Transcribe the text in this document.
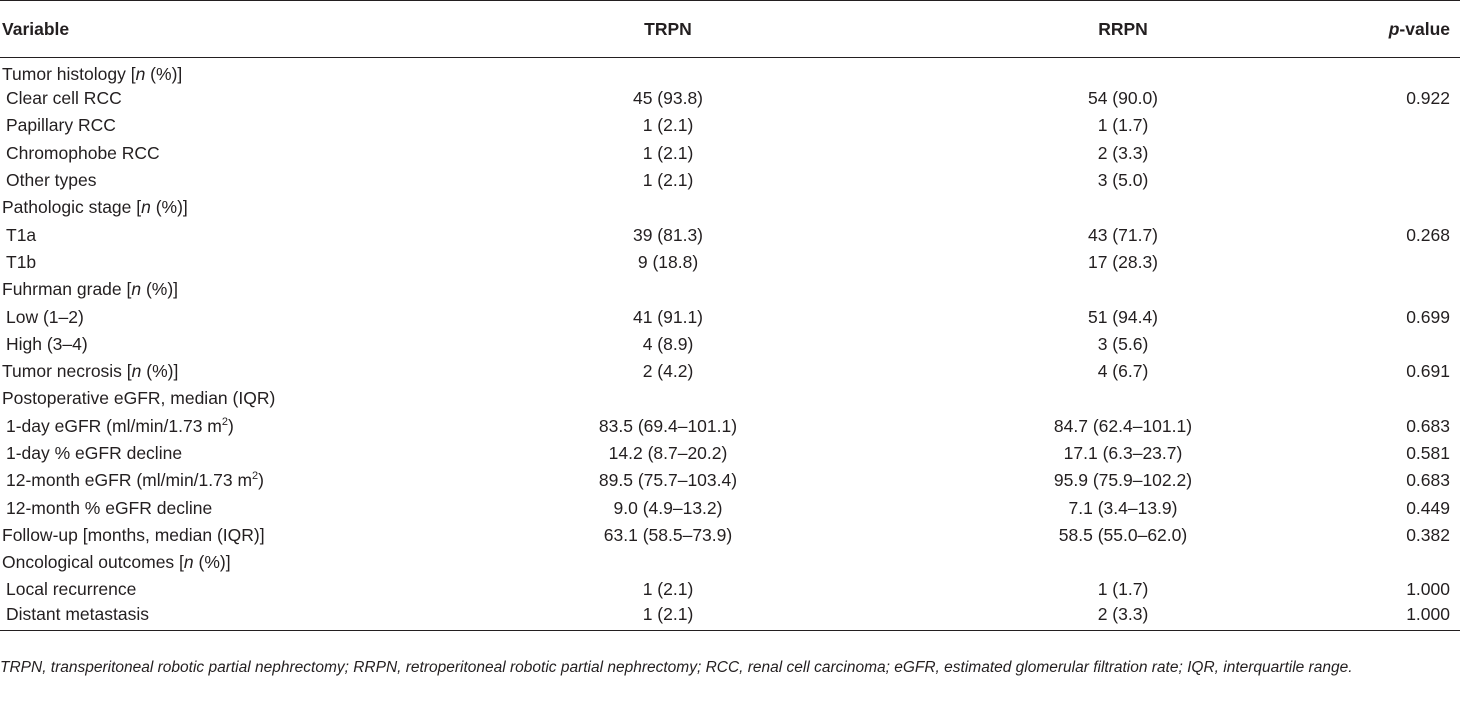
Variable	TRPN	RRPN	p-value
Tumor histology [n (%)]			
Clear cell RCC	45 (93.8)	54 (90.0)	0.922
Papillary RCC	1 (2.1)	1 (1.7)	
Chromophobe RCC	1 (2.1)	2 (3.3)	
Other types	1 (2.1)	3 (5.0)	
Pathologic stage [n (%)]			
T1a	39 (81.3)	43 (71.7)	0.268
T1b	9 (18.8)	17 (28.3)	
Fuhrman grade [n (%)]			
Low (1–2)	41 (91.1)	51 (94.4)	0.699
High (3–4)	4 (8.9)	3 (5.6)	
Tumor necrosis [n (%)]	2 (4.2)	4 (6.7)	0.691
Postoperative eGFR, median (IQR)			
1-day eGFR (ml/min/1.73 $m^2$)	83.5 (69.4–101.1)	84.7 (62.4–101.1)	0.683
1-day % eGFR decline	14.2 (8.7–20.2)	17.1 (6.3–23.7)	0.581
12-month eGFR (ml/min/1.73 $m^2$)	89.5 (75.7–103.4)	95.9 (75.9–102.2)	0.683
12-month % eGFR decline	9.0 (4.9–13.2)	7.1 (3.4–13.9)	0.449
Follow-up [months, median (IQR)]	63.1 (58.5–73.9)	58.5 (55.0–62.0)	0.382
Oncological outcomes [n (%)]			
Local recurrence	1 (2.1)	1 (1.7)	1.000
Distant metastasis	1 (2.1)	2 (3.3)	1.000
TRPN, transperitoneal robotic partial nephrectomy; RRPN, retroperitoneal robotic partial nephrectomy; RCC, renal cell carcinoma; eGFR, estimated glomerular filtration rate; IQR, interquartile range.
